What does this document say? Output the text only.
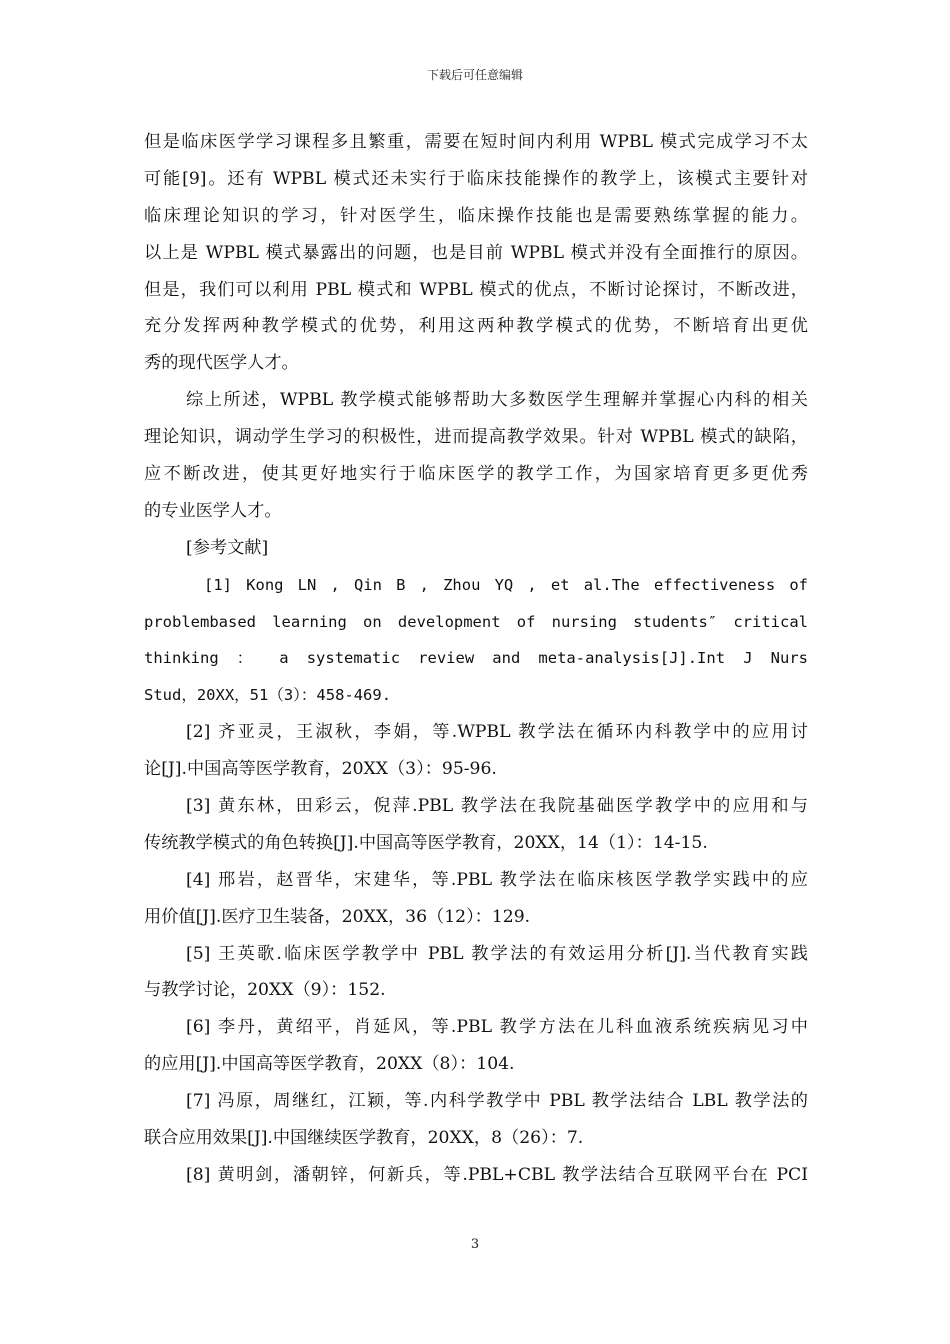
下载后可任意编辑
但是临床医学学习课程多且繁重，需要在短时间内利用 WPBL 模式完成学习不太
可能[9]。还有 WPBL 模式还未实行于临床技能操作的教学上，该模式主要针对
临床理论知识的学习，针对医学生，临床操作技能也是需要熟练掌握的能力。
以上是 WPBL 模式暴露出的问题，也是目前 WPBL 模式并没有全面推行的原因。
但是，我们可以利用 PBL 模式和 WPBL 模式的优点，不断讨论探讨，不断改进，
充分发挥两种教学模式的优势，利用这两种教学模式的优势，不断培育出更优
秀的现代医学人才。
综上所述，WPBL 教学模式能够帮助大多数医学生理解并掌握心内科的相关
理论知识，调动学生学习的积极性，进而提高教学效果。针对 WPBL 模式的缺陷，
应不断改进，使其更好地实行于临床医学的教学工作，为国家培育更多更优秀
的专业医学人才。
[参考文献]
[1] Kong LN , Qin B , Zhou YQ , et al.The effectiveness of
problembased learning on development of nursing students″ critical
thinking ： a systematic review and meta-analysis[J].Int J Nurs
Stud，20XX，51（3）：458-469.
[2] 齐亚灵，王淑秋，李娟，等.WPBL 教学法在循环内科教学中的应用讨
论[J].中国高等医学教育，20XX（3）：95-96.
[3] 黄东林，田彩云，倪萍.PBL 教学法在我院基础医学教学中的应用和与
传统教学模式的角色转换[J].中国高等医学教育，20XX，14（1）：14-15.
[4] 邢岩，赵晋华，宋建华，等.PBL 教学法在临床核医学教学实践中的应
用价值[J].医疗卫生装备，20XX，36（12）：129.
[5] 王英歌.临床医学教学中 PBL 教学法的有效运用分析[J].当代教育实践
与教学讨论，20XX（9）：152.
[6] 李丹，黄绍平，肖延风，等.PBL 教学方法在儿科血液系统疾病见习中
的应用[J].中国高等医学教育，20XX（8）：104.
[7] 冯原，周继红，江颖，等.内科学教学中 PBL 教学法结合 LBL 教学法的
联合应用效果[J].中国继续医学教育，20XX，8（26）：7.
[8] 黄明剑，潘朝锌，何新兵，等.PBL+CBL 教学法结合互联网平台在 PCI
3
